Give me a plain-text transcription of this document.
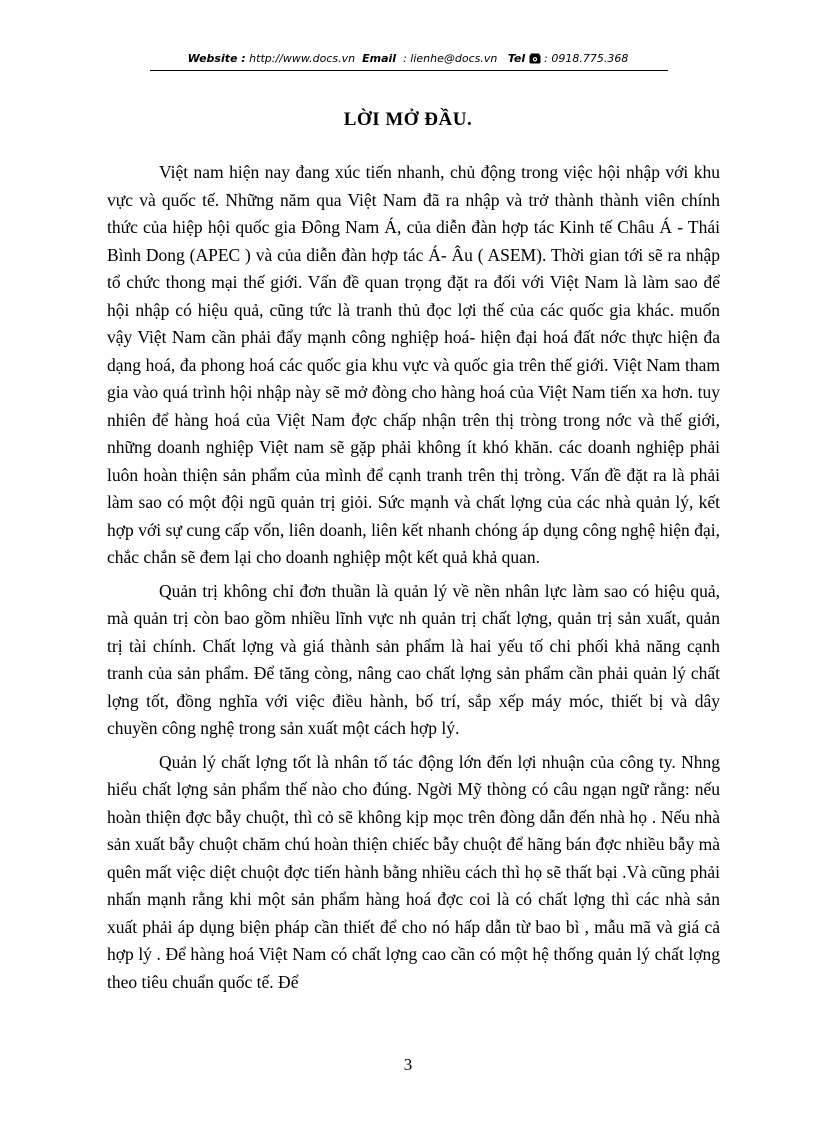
Website : http://www.docs.vn Email : lienhe@docs.vn Tel : 0918.775.368
LỜI MỞ ĐẦU.

Việt nam hiện nay đang xúc tiến nhanh, chủ động trong việc hội nhập với khu vực và quốc tế. Những năm qua Việt Nam đã ra nhập và trở thành thành viên chính thức của hiệp hội quốc gia Đông Nam Á, của diễn đàn hợp tác Kinh tế Châu Á - Thái Bình Dong (APEC ) và của diễn đàn hợp tác Á- Âu ( ASEM). Thời gian tới sẽ ra nhập tổ chức thong mại thế giới. Vấn đề quan trọng đặt ra đối với Việt Nam là làm sao để hội nhập có hiệu quả, cũng tức là tranh thủ đọc lợi thế của các quốc gia khác. muốn vậy Việt Nam cần phải đẩy mạnh công nghiệp hoá- hiện đại hoá đất nớc thực hiện đa dạng hoá, đa phong hoá các quốc gia khu vực và quốc gia trên thế giới. Việt Nam tham gia vào quá trình hội nhập này sẽ mở đòng cho hàng hoá của Việt Nam tiến xa hơn. tuy nhiên để hàng hoá của Việt Nam đợc chấp nhận trên thị tròng trong nớc và thế giới, những doanh nghiệp Việt nam sẽ gặp phải không ít khó khăn. các doanh nghiệp phải luôn hoàn thiện sản phẩm của mình để cạnh tranh trên thị tròng. Vấn đề đặt ra là phải làm sao có một đội ngũ quản trị giỏi. Sức mạnh và chất lợng của các nhà quản lý, kết hợp với sự cung cấp vốn, liên doanh, liên kết nhanh chóng áp dụng công nghệ hiện đại, chắc chắn sẽ đem lại cho doanh nghiệp một kết quả khả quan.

Quản trị không chỉ đơn thuần là quản lý về nền nhân lực làm sao có hiệu quả, mà quản trị còn bao gồm nhiều lĩnh vực nh quản trị chất lợng, quản trị sản xuất, quản trị tài chính. Chất lợng và giá thành sản phẩm là hai yếu tố chi phối khả năng cạnh tranh của sản phẩm. Để tăng còng, nâng cao chất lợng sản phẩm cần phải quản lý chất lợng tốt, đồng nghĩa với việc điều hành, bố trí, sắp xếp máy móc, thiết bị và dây chuyền công nghệ trong sản xuất một cách hợp lý.

Quản lý chất lợng tốt là nhân tố tác động lớn đến lợi nhuận của công ty. Nhng hiểu chất lợng sản phẩm thế nào cho đúng. Ngời Mỹ thòng có câu ngạn ngữ rằng: nếu hoàn thiện đợc bẫy chuột, thì cỏ sẽ không kịp mọc trên đòng dẫn đến nhà họ . Nếu nhà sản xuất bẫy chuột chăm chú hoàn thiện chiếc bẫy chuột để hãng bán đợc nhiều bẫy mà quên mất việc diệt chuột đợc tiến hành bằng nhiều cách thì họ sẽ thất bại .Và cũng phải nhấn mạnh rằng khi một sản phẩm hàng hoá đợc coi là có chất lợng thì các nhà sản xuất phải áp dụng biện pháp cần thiết để cho nó hấp dẫn từ bao bì , mẫu mã và giá cả hợp lý . Để hàng hoá Việt Nam có chất lợng cao cần có một hệ thống quản lý chất lợng theo tiêu chuẩn quốc tế. Để

3
